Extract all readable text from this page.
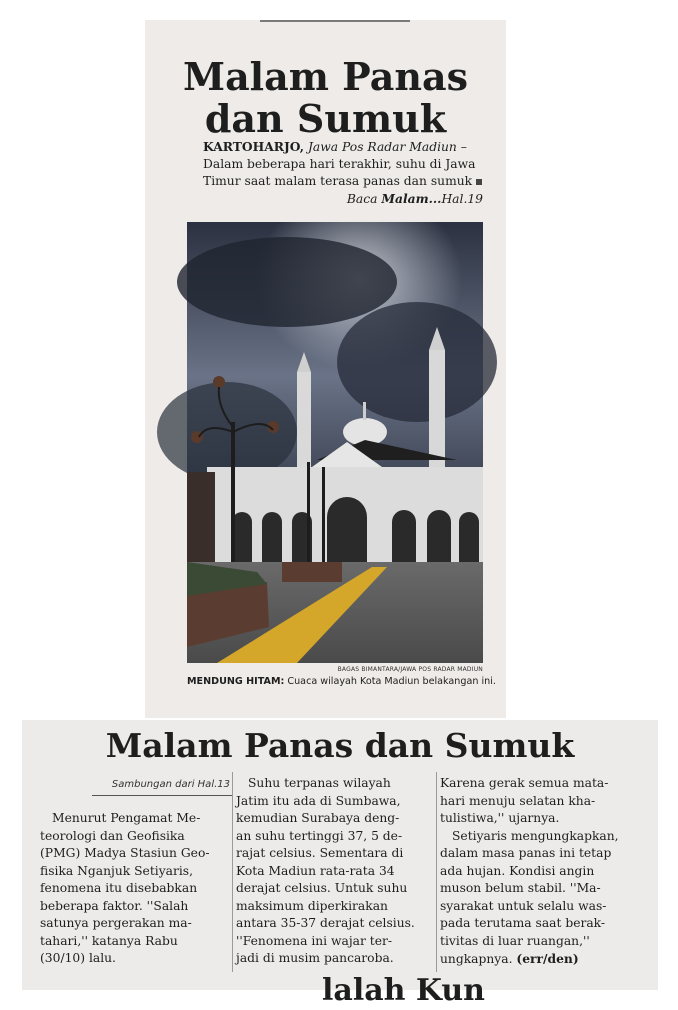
Malam Panas
dan Sumuk
KARTOHARJO, Jawa Pos Radar Madiun –
Dalam beberapa hari terakhir, suhu di Jawa
Timur saat malam terasa panas dan sumuk
Baca Malam...Hal.19
BAGAS BIMANTARA/JAWA POS RADAR MADIUN
MENDUNG HITAM: Cuaca wilayah Kota Madiun belakangan ini.
Malam Panas dan Sumuk
Sambungan dari Hal.13
Menurut Pengamat Me-
teorologi dan Geofisika
(PMG) Madya Stasiun Geo-
fisika Nganjuk Setiyaris,
fenomena itu disebabkan
beberapa faktor. ''Salah
satunya pergerakan ma-
tahari,'' katanya Rabu
(30/10) lalu.
Suhu terpanas wilayah
Jatim itu ada di Sumbawa,
kemudian Surabaya deng-
an suhu tertinggi 37, 5 de-
rajat celsius. Sementara di
Kota Madiun rata-rata 34
derajat celsius. Untuk suhu
maksimum diperkirakan
antara 35-37 derajat celsius.
''Fenomena ini wajar ter-
jadi di musim pancaroba.
Karena gerak semua mata-
hari menuju selatan kha-
tulistiwa,'' ujarnya.
Setiyaris mengungkapkan,
dalam masa panas ini tetap
ada hujan. Kondisi angin
muson belum stabil. ''Ma-
syarakat untuk selalu was-
pada terutama saat berak-
tivitas di luar ruangan,''
ungkapnya. (err/den)
lalah Kun
